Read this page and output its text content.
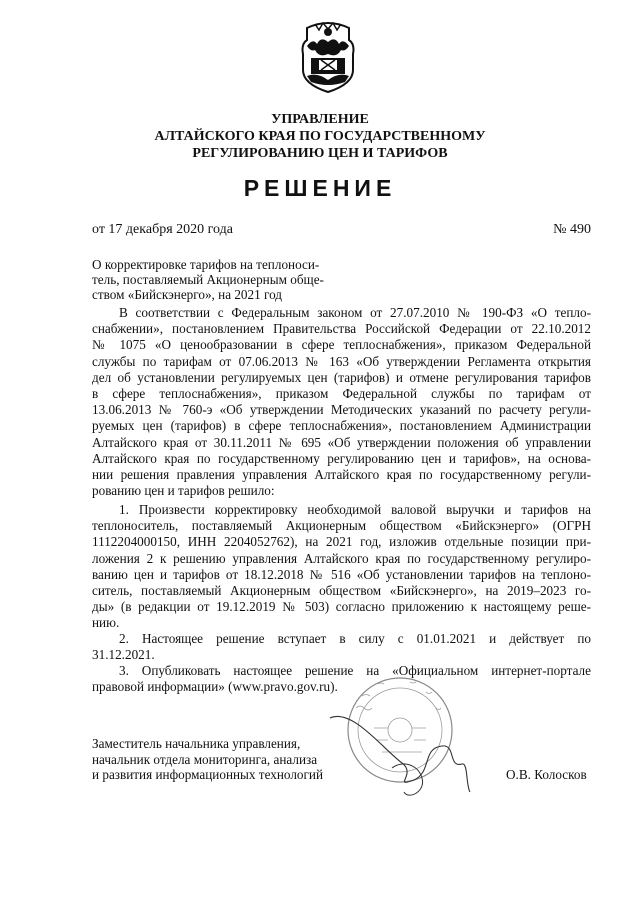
УПРАВЛЕНИЕ
АЛТАЙСКОГО КРАЯ ПО ГОСУДАРСТВЕННОМУ
РЕГУЛИРОВАНИЮ ЦЕН И ТАРИФОВ
РЕШЕНИЕ
от 17 декабря 2020 года	№ 490
О корректировке тарифов на теплоноси-
тель, поставляемый Акционерным обще-
ством «Бийскэнерго», на 2021 год
В соответствии с Федеральным законом от 27.07.2010 № 190-ФЗ «О тепло-
снабжении», постановлением Правительства Российской Федерации от 22.10.2012
№ 1075 «О ценообразовании в сфере теплоснабжения», приказом Федеральной
службы по тарифам от 07.06.2013 № 163 «Об утверждении Регламента открытия
дел об установлении регулируемых цен (тарифов) и отмене регулирования тарифов
в сфере теплоснабжения», приказом Федеральной службы по тарифам от
13.06.2013 № 760-э «Об утверждении Методических указаний по расчету регули-
руемых цен (тарифов) в сфере теплоснабжения», постановлением Администрации
Алтайского края от 30.11.2011 № 695 «Об утверждении положения об управлении
Алтайского края по государственному регулированию цен и тарифов», на основа-
нии решения правления управления Алтайского края по государственному регули-
рованию цен и тарифов решило:
1. Произвести корректировку необходимой валовой выручки и тарифов на
теплоноситель, поставляемый Акционерным обществом «Бийскэнерго» (ОГРН
1112204000150, ИНН 2204052762), на 2021 год, изложив отдельные позиции при-
ложения 2 к решению управления Алтайского края по государственному регулиро-
ванию цен и тарифов от 18.12.2018 № 516 «Об установлении тарифов на теплоно-
ситель, поставляемый Акционерным обществом «Бийскэнерго», на 2019–2023 го-
ды» (в редакции от 19.12.2019 № 503) согласно приложению к настоящему реше-
нию.
2. Настоящее решение вступает в силу с 01.01.2021 и действует по
31.12.2021.
3. Опубликовать настоящее решение на «Официальном интернет-портале
правовой информации» (www.pravo.gov.ru).
Заместитель начальника управления,
начальник отдела мониторинга, анализа
и развития информационных технологий	О.В. Колосков
